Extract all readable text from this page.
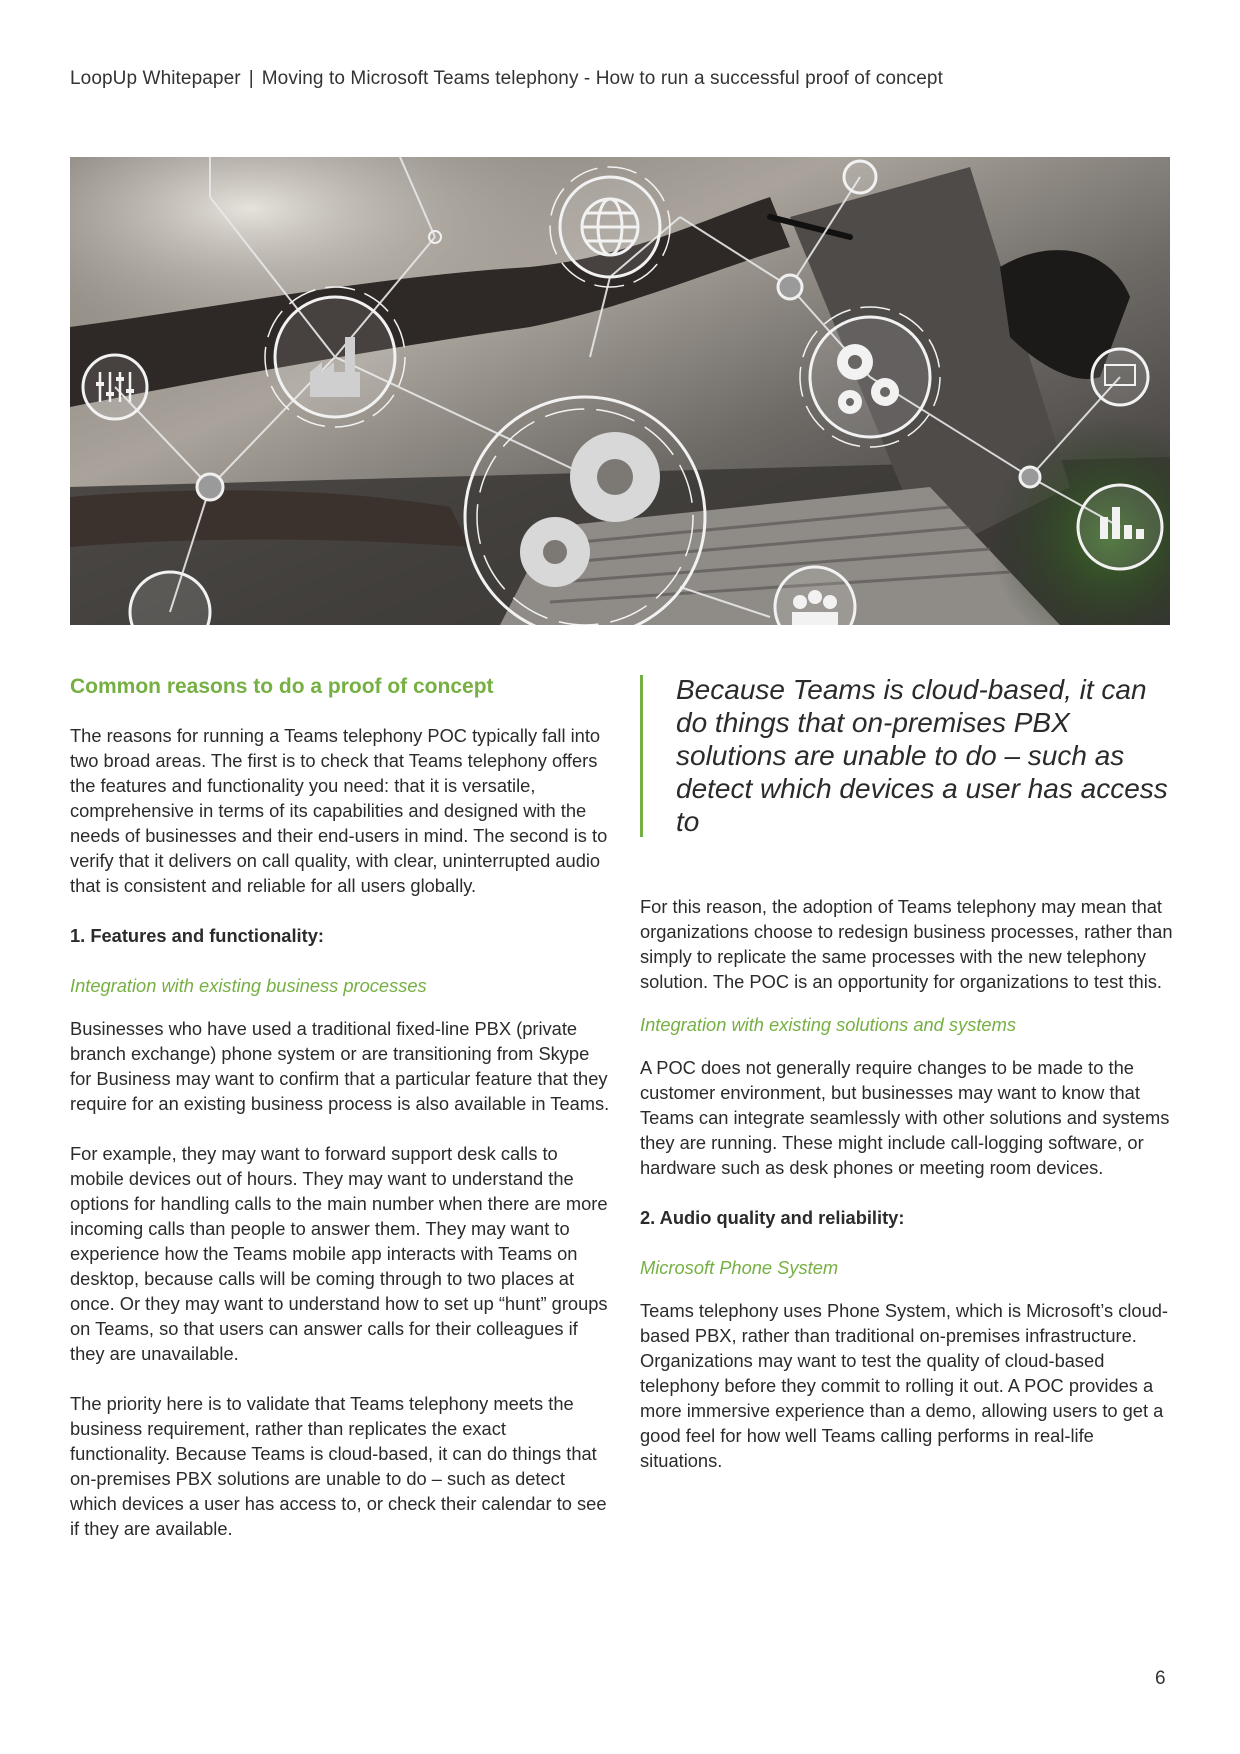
LoopUp Whitepaper | Moving to Microsoft Teams telephony - How to run a successful proof of concept
Common reasons to do a proof of concept

The reasons for running a Teams telephony POC typically fall into two broad areas. The first is to check that Teams telephony offers the features and functionality you need: that it is versatile, comprehensive in terms of its capabilities and designed with the needs of businesses and their end-users in mind. The second is to verify that it delivers on call quality, with clear, uninterrupted audio that is consistent and reliable for all users globally.

1. Features and functionality:

Integration with existing business processes

Businesses who have used a traditional fixed-line PBX (private branch exchange) phone system or are transitioning from Skype for Business may want to confirm that a particular feature that they require for an existing business process is also available in Teams.

For example, they may want to forward support desk calls to mobile devices out of hours. They may want to understand the options for handling calls to the main number when there are more incoming calls than people to answer them. They may want to experience how the Teams mobile app interacts with Teams on desktop, because calls will be coming through to two places at once. Or they may want to understand how to set up “hunt” groups on Teams, so that users can answer calls for their colleagues if they are unavailable.

The priority here is to validate that Teams telephony meets the business requirement, rather than replicates the exact functionality. Because Teams is cloud-based, it can do things that on-premises PBX solutions are unable to do – such as detect which devices a user has access to, or check their calendar to see if they are available.

Because Teams is cloud-based, it can do things that on-premises PBX solutions are unable to do – such as detect which devices a user has access to

For this reason, the adoption of Teams telephony may mean that organizations choose to redesign business processes, rather than simply to replicate the same processes with the new telephony solution. The POC is an opportunity for organizations to test this.

Integration with existing solutions and systems

A POC does not generally require changes to be made to the customer environment, but businesses may want to know that Teams can integrate seamlessly with other solutions and systems they are running. These might include call-logging software, or hardware such as desk phones or meeting room devices.

2. Audio quality and reliability:

Microsoft Phone System

Teams telephony uses Phone System, which is Microsoft’s cloud-based PBX, rather than traditional on-premises infrastructure. Organizations may want to test the quality of cloud-based telephony before they commit to rolling it out. A POC provides a more immersive experience than a demo, allowing users to get a good feel for how well Teams calling performs in real-life situations.

6
